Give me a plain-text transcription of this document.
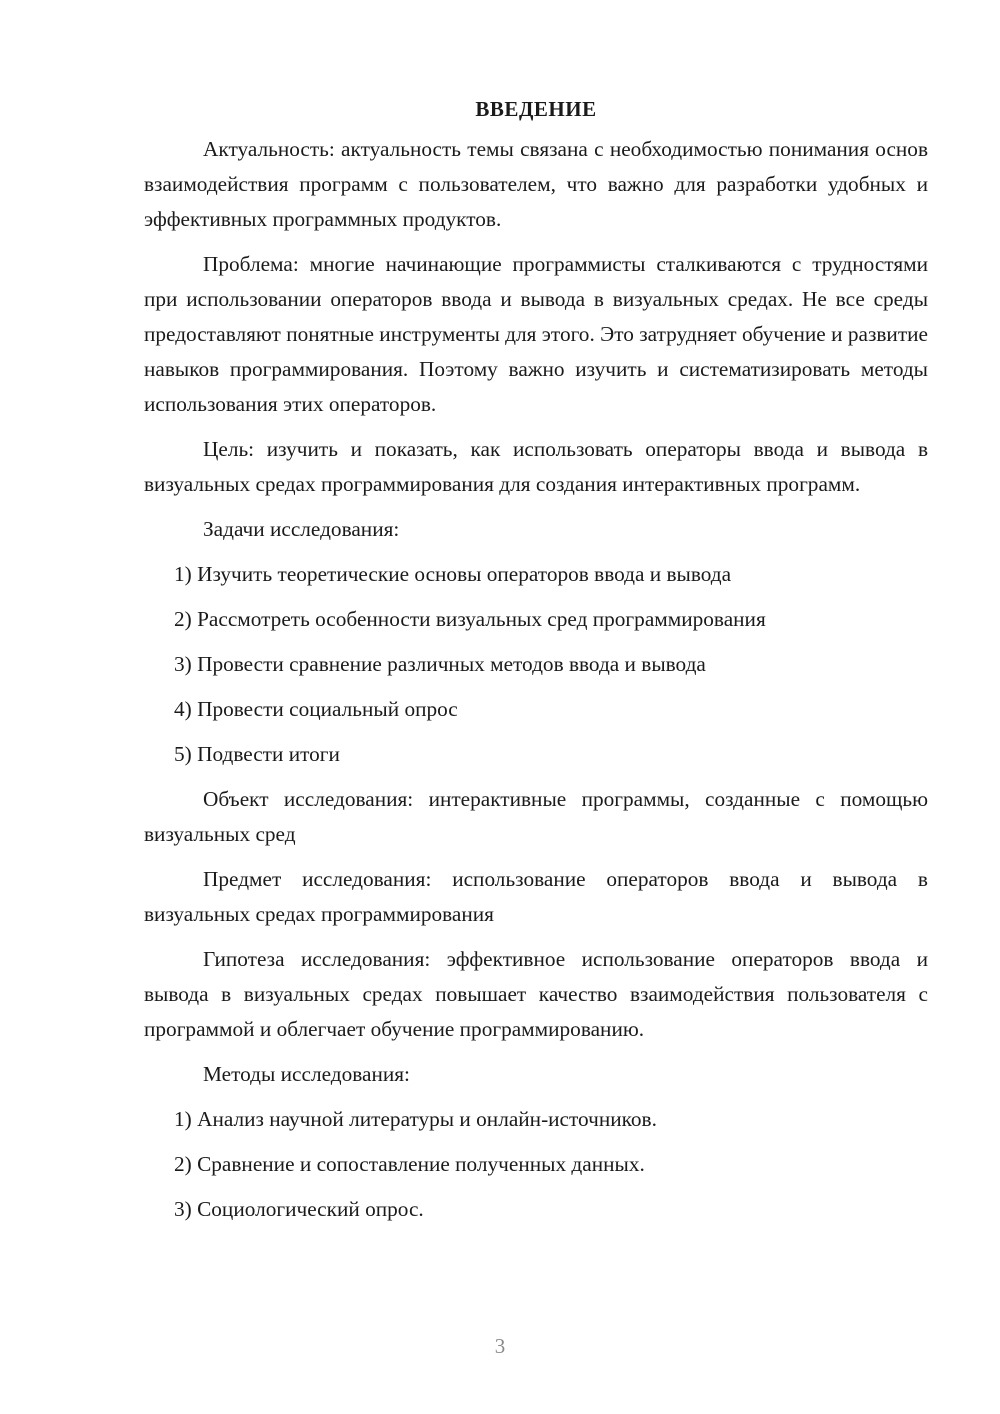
ВВЕДЕНИЕ

Актуальность: актуальность темы связана с необходимостью понимания основ взаимодействия программ с пользователем, что важно для разработки удобных и эффективных программных продуктов.

Проблема: многие начинающие программисты сталкиваются с трудностями при использовании операторов ввода и вывода в визуальных средах. Не все среды предоставляют понятные инструменты для этого. Это затрудняет обучение и развитие навыков программирования. Поэтому важно изучить и систематизировать методы использования этих операторов.

Цель: изучить и показать, как использовать операторы ввода и вывода в визуальных средах программирования для создания интерактивных программ.

Задачи исследования:

1) Изучить теоретические основы операторов ввода и вывода

2) Рассмотреть особенности визуальных сред программирования

3) Провести сравнение различных методов ввода и вывода

4) Провести социальный опрос

5) Подвести итоги

Объект исследования: интерактивные программы, созданные с помощью визуальных сред

Предмет исследования: использование операторов ввода и вывода в визуальных средах программирования

Гипотеза исследования: эффективное использование операторов ввода и вывода в визуальных средах повышает качество взаимодействия пользователя с программой и облегчает обучение программированию.

Методы исследования:

1) Анализ научной литературы и онлайн-источников.

2) Сравнение и сопоставление полученных данных.

3) Социологический опрос.

3
